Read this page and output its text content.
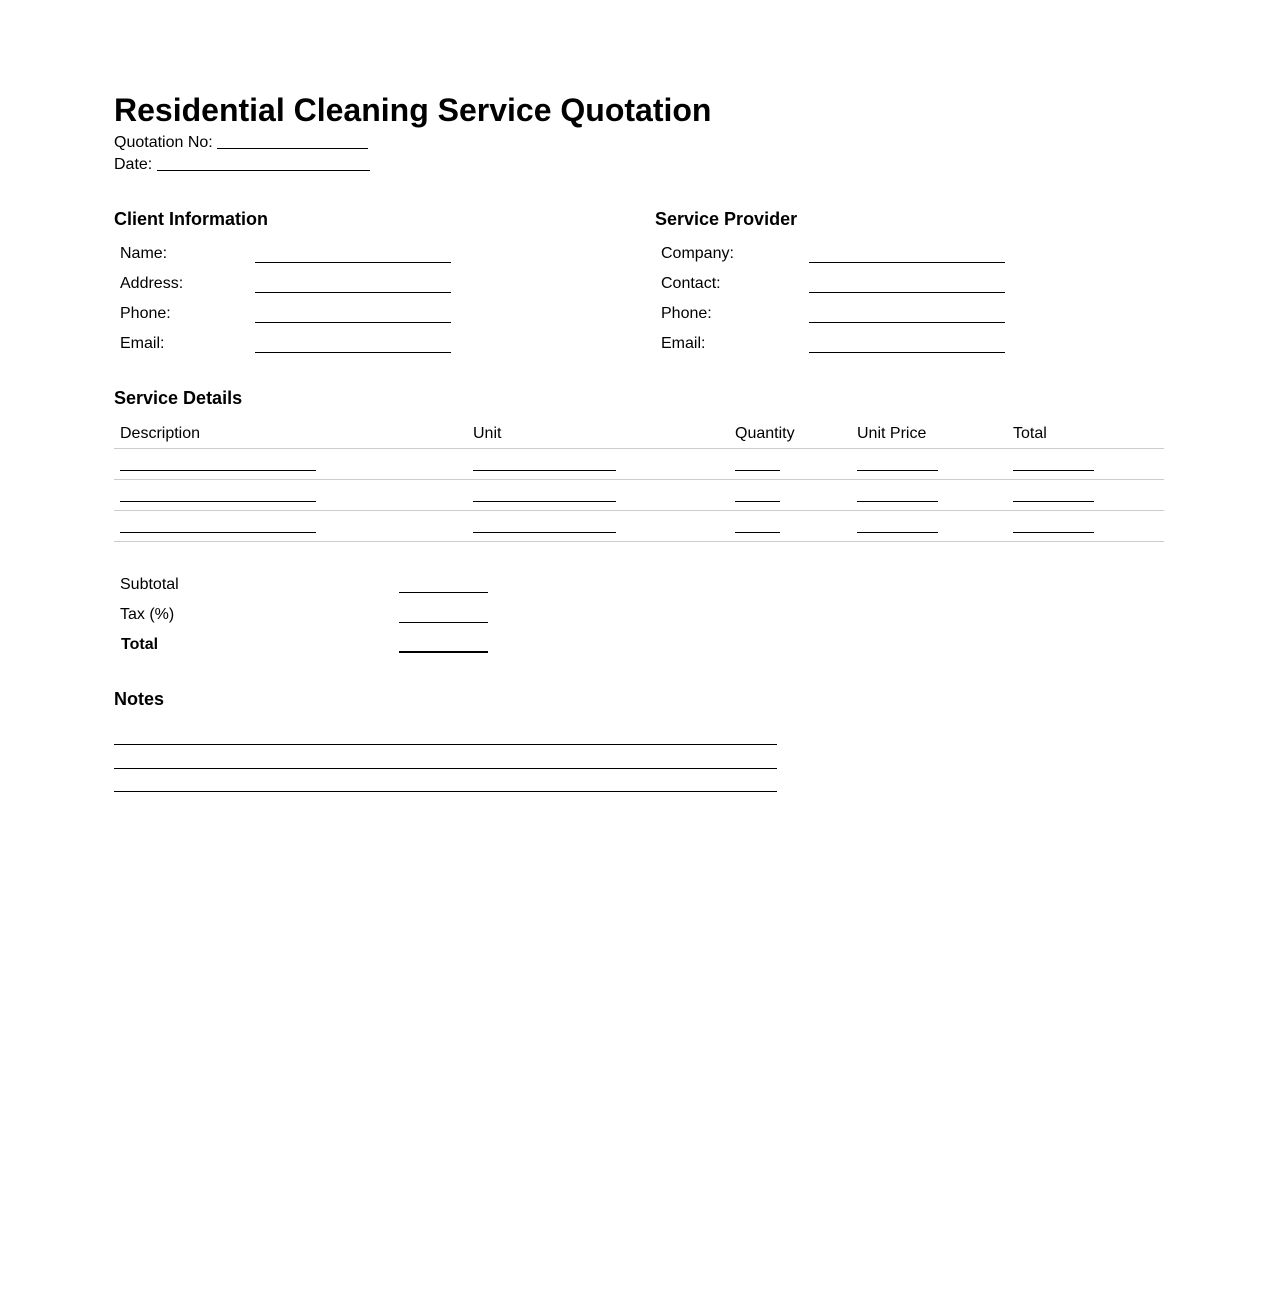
Residential Cleaning Service Quotation
Quotation No:
Date:
Client Information
Name:
Address:
Phone:
Email:
Service Provider
Company:
Contact:
Phone:
Email:
Service Details
Description	Unit	Quantity	Unit Price	Total
Subtotal
Tax (%)
Total
Notes
